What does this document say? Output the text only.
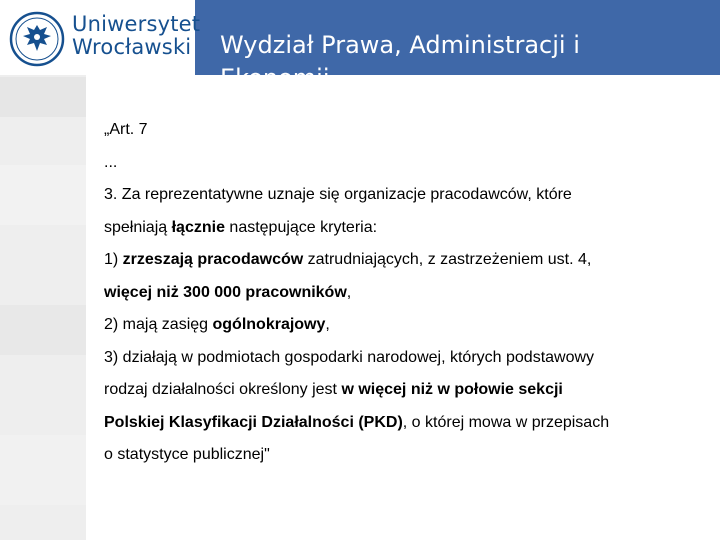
Uniwersytet
Wrocławski	Wydział Prawa, Administracji i Ekonomii
„Art. 7
...
3. Za reprezentatywne uznaje się organizacje pracodawców, które
spełniają łącznie następujące kryteria:
1) zrzeszają pracodawców zatrudniających, z zastrzeżeniem ust. 4,
więcej niż 300 000 pracowników,
2) mają zasięg ogólnokrajowy,
3) działają w podmiotach gospodarki narodowej, których podstawowy
rodzaj działalności określony jest w więcej niż w połowie sekcji
Polskiej Klasyfikacji Działalności (PKD), o której mowa w przepisach
o statystyce publicznej"
